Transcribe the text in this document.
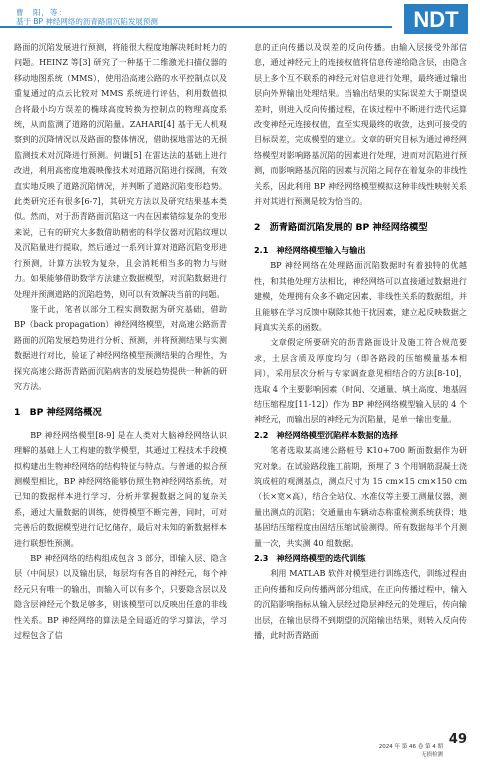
曹　阳，等：
基于 BP 神经网络的沥青路面沉陷发展预测	NDT

路面的沉陷发展进行预测，将能很大程度地解决耗时耗力的问题。HEINZ 等[3] 研究了一种基于二维激光扫描仪器的移动地图系统（MMS），使用沿高速公路的水平控制点以及重复通过的点云比较对 MMS 系统进行评估，利用数值拟合将最小均方误差的椭球高度转换为控制点的物理高度系统，从而监测了道路的沉陷量。ZAHARI[4] 基于无人机观察到的沉降情况以及路面的整体情况，借助探地雷达的无损监测技术对沉降进行预测。何谦[5] 在雷达法的基础上进行改进，利用高密度地震映像技术对道路沉陷进行探测，有效直实地反映了道路沉陷情况，并判断了道路沉陷变形趋势。此类研究还有很多[6-7]，其研究方法以及研究结果基本类似。然而，对于沥青路面沉陷这一内在因素错综复杂的变形来说，已有的研究大多数借助精密的科学仪器对沉陷纹理以及沉陷量进行提取，然后通过一系列计算对道路沉陷变形进行预测，计算方法较为复杂，且会消耗相当多的物力与财力。如果能够借助数学方法建立数据模型，对沉陷数据进行处理并预测道路的沉陷趋势，则可以有效解决当前的问题。

鉴于此，笔者以部分工程实测数据为研究基础，借助 BP（back propagation）神经网络模型，对高速公路沥青路面的沉陷发展趋势进行分析、预测，并将预测结果与实测数据进行对比，验证了神经网络模型预测结果的合理性，为探究高速公路沥青路面沉陷病害的发展趋势提供一种新的研究方法。

1　BP 神经网络概况

BP 神经网络模型[8-9] 是在人类对大脑神经网络认识理解的基础上人工构建的数学模型，其通过工程技术手段模拟构建出生物神经网络的结构特征与特点。与普通的拟合预测模型相比，BP 神经网络能够仿照生物神经网络系统，对已知的数据样本进行学习、分析并掌握数据之间的复杂关系，通过大量数据的训练，使得模型不断完善，同时，可对完善后的数据模型进行记忆储存，最后对未知的新数据样本进行联想性预测。

BP 神经网络的结构组成包含 3 部分，即输入层、隐含层（中间层）以及输出层，每层均有各自的神经元，每个神经元只有唯一的输出，而输入可以有多个，只要隐含层以及隐含层神经元个数足够多，则该模型可以反映出任意的非线性关系。BP 神经网络的算法是全局逼近的学习算法，学习过程包含了信

息的正向传播以及误差的反向传播。由输入层接受外部信息，通过神经元上的连接权值将信息传递给隐含层，由隐含层上多个互不联系的神经元对信息进行处理，最终通过输出层向外界输出处理结果。当输出结果的实际误差大于期望误差时，则进入反向传播过程，在该过程中不断进行迭代运算改变神经元连接权值，直至实现最终的收敛，达到可接受的目标误差，完成模型的建立。文章的研究目标为通过神经网络模型对影响路基沉陷的因素进行处理，进而对沉陷进行预测，而影响路基沉陷的因素与沉陷之间存在着复杂的非线性关系，因此利用 BP 神经网络模型模拟这种非线性映射关系并对其进行预测是较为恰当的。

2　沥青路面沉陷发展的 BP 神经网络模型
2.1　神经网络模型输入与输出

BP 神经网络在处理路面沉陷数据时有着独特的优越性，和其他处理方法相比，神经网络可以直接通过数据进行建模，处理拥有众多不确定因素、非线性关系的数据组，并且能够在学习反馈中剔除其他干扰因素，建立起反映数据之间真实关系的函数。

文章假定所要研究的沥青路面设计及施工符合规范要求，土层含质及厚度均匀（即各路段的压缩模量基本相同），采用层次分析与专家调查意见相结合的方法[8-10]，选取 4 个主要影响因素（时间、交通量、填土高度、地基固结压缩程度[11-12]）作为 BP 神经网络模型输入层的 4 个神经元，而输出层的神经元为沉陷量，是单一输出变量。

2.2　神经网络模型沉陷样本数据的选择

笔者选取某高速公路桩号 K10+700 断面数据作为研究对象。在试验路段施工前期，预埋了 3 个用钢筋混凝土浇筑成桩的观测基点，测点尺寸为 15 cm×15 cm×150 cm（长×宽×高），结合全站仪、水准仪等主要工测量仪器，测量出测点的沉陷；交通量由车辆动态称重检测系统获得；地基固结压缩程度由固结压缩试验测得。所有数据每半个月测量一次，共实测 40 组数据。

2.3　神经网络模型的迭代训练

利用 MATLAB 软件对模型进行训练迭代，训练过程由正向传播和反向传播两部分组成，在正向传播过程中，输入的沉陷影响指标从输入层经过隐层神经元的处理后，传向输出层，在输出层得不到期望的沉陷输出结果，则转入反向传播，此时沥青路面

49
2024 年 第 46 卷 第 4 期
无损检测
